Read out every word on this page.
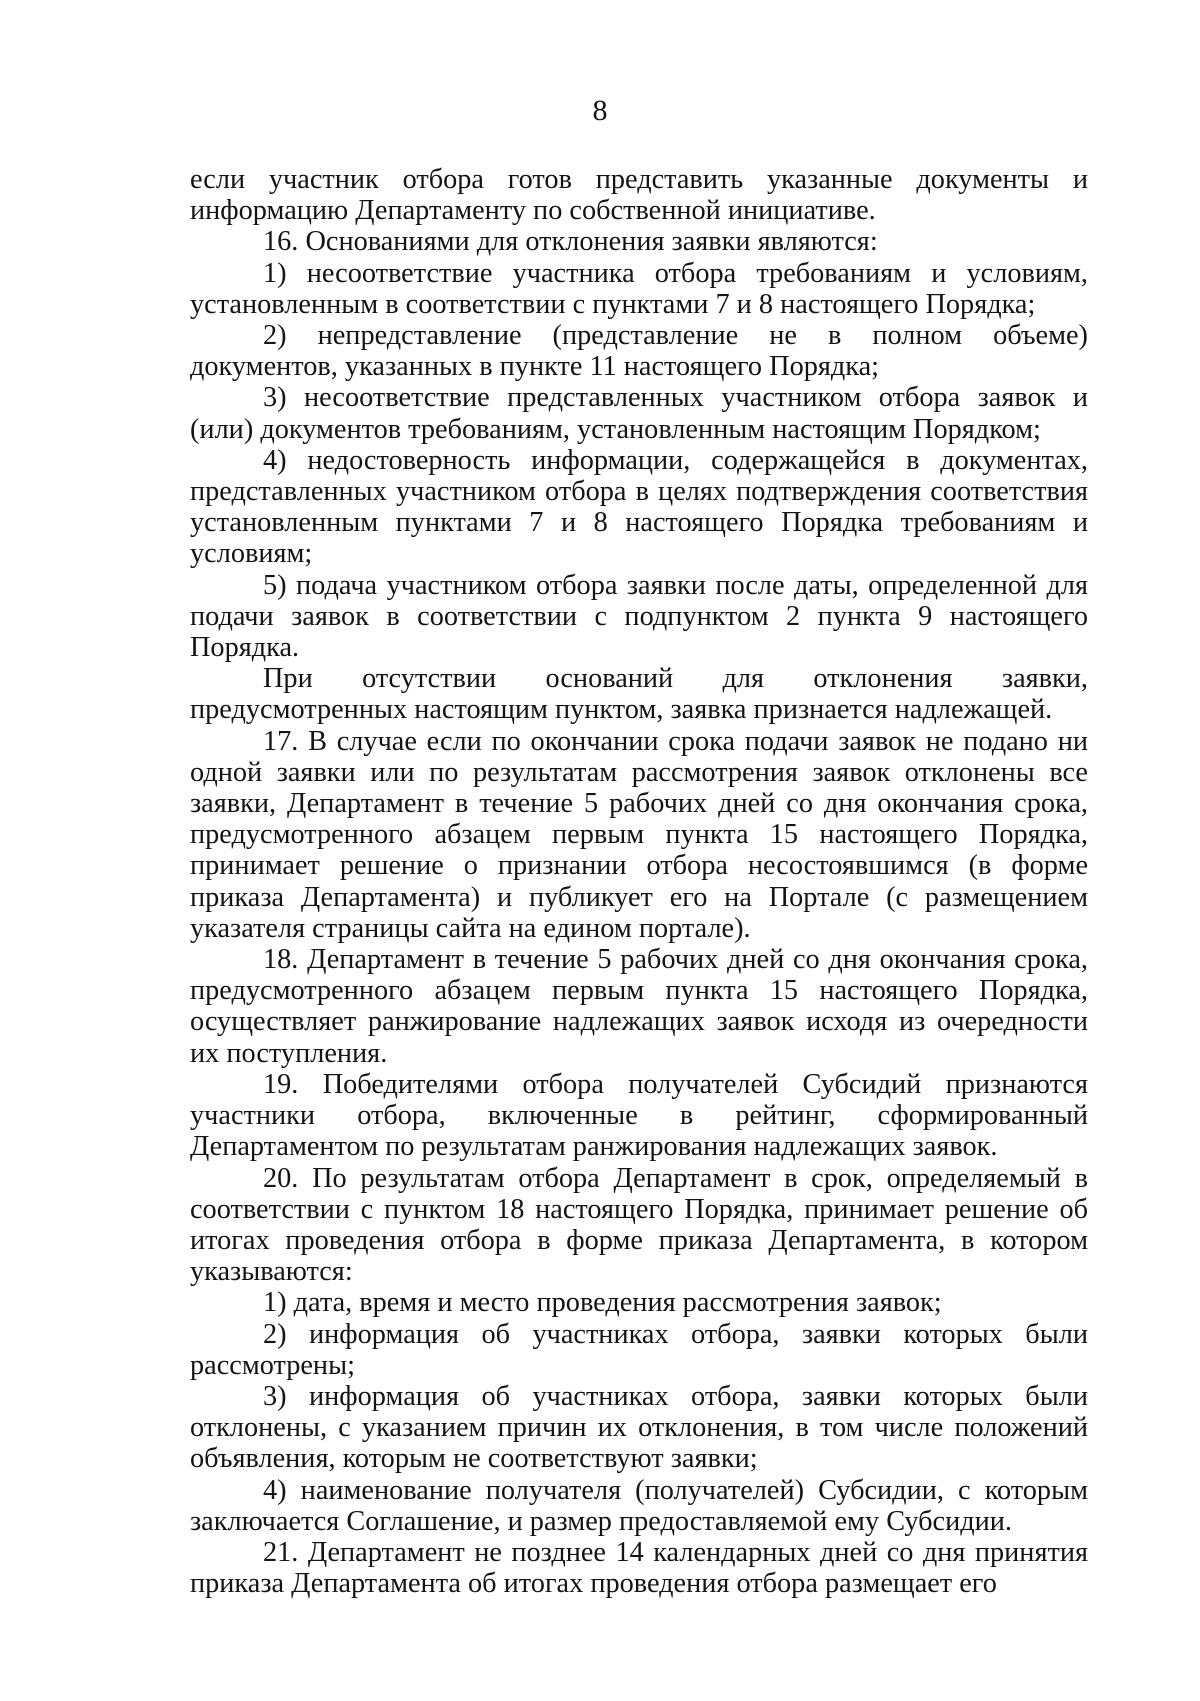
8

если участник отбора готов представить указанные документы и информацию Департаменту по собственной инициативе.

16. Основаниями для отклонения заявки являются:

1) несоответствие участника отбора требованиям и условиям, установленным в соответствии с пунктами 7 и 8 настоящего Порядка;

2) непредставление (представление не в полном объеме) документов, указанных в пункте 11 настоящего Порядка;

3) несоответствие представленных участником отбора заявок и (или) документов требованиям, установленным настоящим Порядком;

4) недостоверность информации, содержащейся в документах, представленных участником отбора в целях подтверждения соответствия установленным пунктами 7 и 8 настоящего Порядка требованиям и условиям;

5) подача участником отбора заявки после даты, определенной для подачи заявок в соответствии с подпунктом 2 пункта 9 настоящего Порядка.

При отсутствии оснований для отклонения заявки, предусмотренных настоящим пунктом, заявка признается надлежащей.

17. В случае если по окончании срока подачи заявок не подано ни одной заявки или по результатам рассмотрения заявок отклонены все заявки, Департамент в течение 5 рабочих дней со дня окончания срока, предусмотренного абзацем первым пункта 15 настоящего Порядка, принимает решение о признании отбора несостоявшимся (в форме приказа Департамента) и публикует его на Портале (с размещением указателя страницы сайта на едином портале).

18. Департамент в течение 5 рабочих дней со дня окончания срока, предусмотренного абзацем первым пункта 15 настоящего Порядка, осуществляет ранжирование надлежащих заявок исходя из очередности их поступления.

19. Победителями отбора получателей Субсидий признаются участники отбора, включенные в рейтинг, сформированный Департаментом по результатам ранжирования надлежащих заявок.

20. По результатам отбора Департамент в срок, определяемый в соответствии с пунктом 18 настоящего Порядка, принимает решение об итогах проведения отбора в форме приказа Департамента, в котором указываются:

1) дата, время и место проведения рассмотрения заявок;

2) информация об участниках отбора, заявки которых были рассмотрены;

3) информация об участниках отбора, заявки которых были отклонены, с указанием причин их отклонения, в том числе положений объявления, которым не соответствуют заявки;

4) наименование получателя (получателей) Субсидии, с которым заключается Соглашение, и размер предоставляемой ему Субсидии.

21. Департамент не позднее 14 календарных дней со дня принятия приказа Департамента об итогах проведения отбора размещает его
